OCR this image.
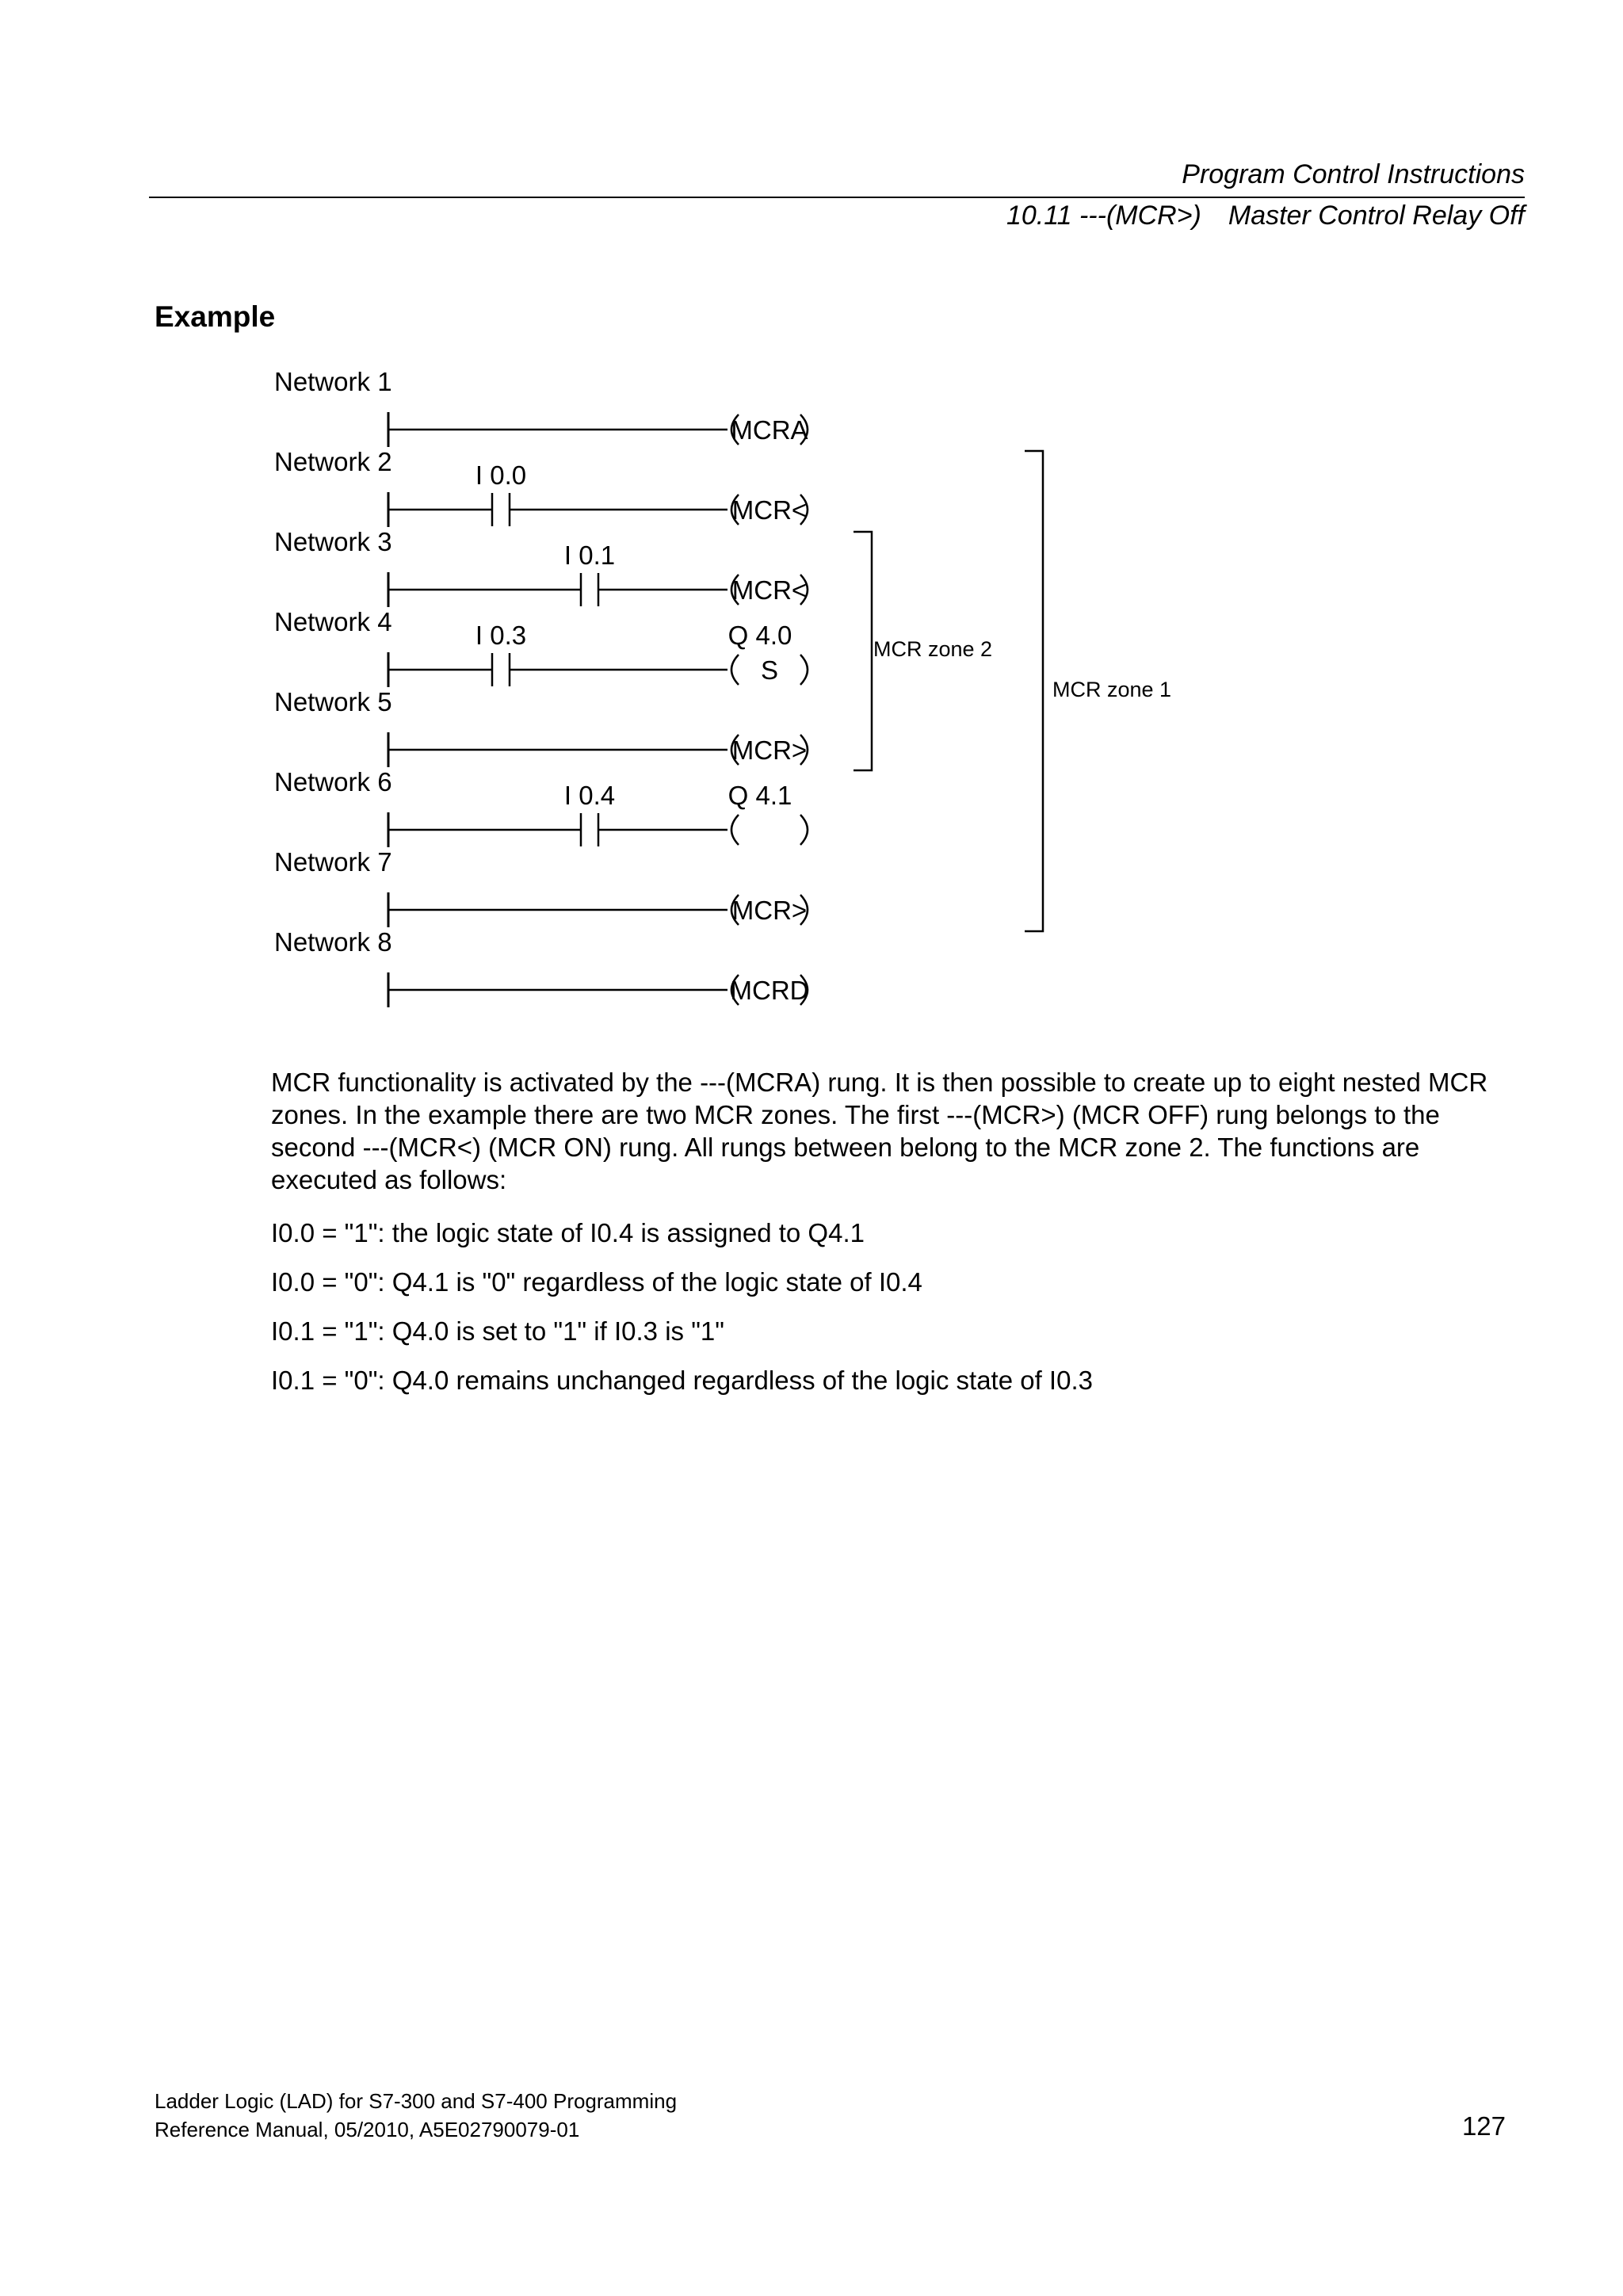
Program Control Instructions
10.11 ---(MCR>) Master Control Relay Off
Example
MCR zone 2
MCR zone 1
Network 1
MCRA
Network 2	I 0.0
MCR<
Network 3	I 0.1
MCR<
Network 4	I 0.3
S
Q 4.0
Network 5
MCR>
Network 6	I 0.4	Q 4.1
Network 7
MCR>
Network 8
MCRD
MCR functionality is activated by the ---(MCRA) rung. It is then possible to create up to eight nested MCR zones. In the example there are two MCR zones. The first ---(MCR>) (MCR OFF) rung belongs to the second ---(MCR<) (MCR ON) rung. All rungs between belong to the MCR zone 2. The functions are executed as follows:
I0.0 = "1": the logic state of I0.4 is assigned to Q4.1
I0.0 = "0": Q4.1 is "0" regardless of the logic state of I0.4
I0.1 = "1": Q4.0 is set to "1" if I0.3 is "1"
I0.1 = "0": Q4.0 remains unchanged regardless of the logic state of I0.3
Ladder Logic (LAD) for S7-300 and S7-400 Programming
Reference Manual, 05/2010, A5E02790079-01	127
